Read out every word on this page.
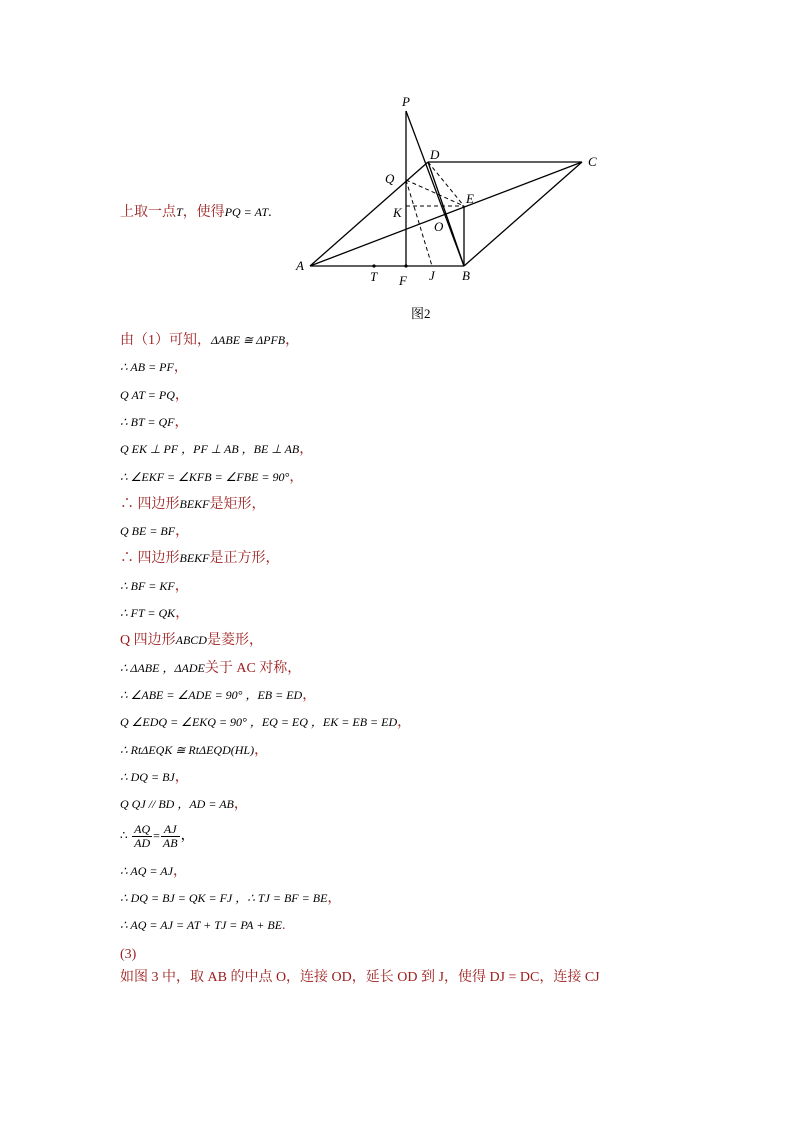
上取一点T，使得PQ = AT.
P
D	C
Q
E
K
O
A
T F J B
图2
由（1）可知，ΔABE ≅ ΔPFB，
∴ AB = PF，
Q AT = PQ，
∴ BT = QF，
Q EK ⊥ PF ，PF ⊥ AB ，BE ⊥ AB，
∴ ∠EKF = ∠KFB = ∠FBE = 90°，
∴ 四边形BEKF是矩形，
Q BE = BF，
∴ 四边形BEKF是正方形，
∴ BF = KF，
∴ FT = QK，
Q 四边形ABCD是菱形，
∴ ΔABE ，ΔADE关于 AC 对称，
∴ ∠ABE = ∠ADE = 90° ，EB = ED，
Q ∠EDQ = ∠EKQ = 90° ，EQ = EQ ，EK = EB = ED，
∴ RtΔEQK ≅ RtΔEQD(HL)，
∴ DQ = BJ，
Q QJ // BD ，AD = AB，
∴ AQ = AJ，
∴ DQ = BJ = QK = FJ ，∴ TJ = BF = BE，
∴ AQ = AJ = AT + TJ = PA + BE.
∴ $\frac{AQ}{AD} = \frac{AJ}{AB}$ ，
(3)
如图 3 中，取 AB 的中点 O，连接 OD，延长 OD 到 J，使得 DJ = DC，连接 CJ
